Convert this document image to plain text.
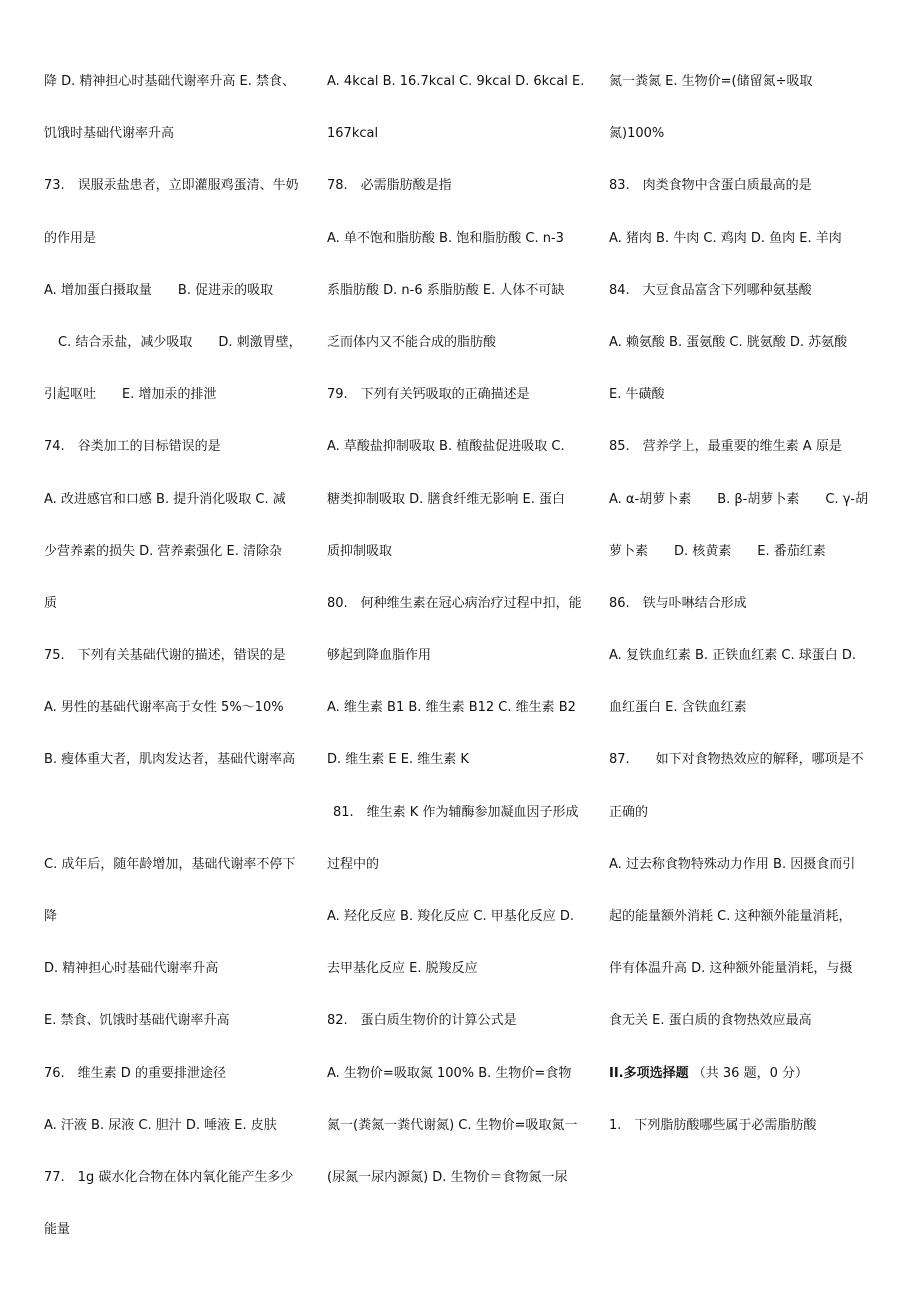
降 D. 精神担心时基础代谢率升高 E. 禁食、
饥饿时基础代谢率升高
73.　误服汞盐患者，立即灌服鸡蛋清、牛奶
的作用是
A. 增加蛋白摄取量　　B. 促进汞的吸取
C. 结合汞盐，减少吸取　　D. 刺激胃壁，
引起呕吐　　E. 增加汞的排泄
74.　谷类加工的目标错误的是
A. 改进感官和口感 B. 提升消化吸取 C. 减
少营养素的损失 D. 营养素强化 E. 清除杂
质
75.　下列有关基础代谢的描述，错误的是
A. 男性的基础代谢率高于女性 5%～10%
B. 瘦体重大者，肌肉发达者，基础代谢率高
C. 成年后，随年龄增加，基础代谢率不停下
降
D. 精神担心时基础代谢率升高
E. 禁食、饥饿时基础代谢率升高
76.　维生素 D 的重要排泄途径
A. 汗液 B. 尿液 C. 胆汁 D. 唾液 E. 皮肤
77.　1g 碳水化合物在体内氧化能产生多少
能量
A. 4kcal B. 16.7kcal C. 9kcal D. 6kcal E.
167kcal
78.　必需脂肪酸是指
A. 单不饱和脂肪酸 B. 饱和脂肪酸 C. n-3
系脂肪酸 D. n-6 系脂肪酸 E. 人体不可缺
乏而体内又不能合成的脂肪酸
79.　下列有关钙吸取的正确描述是
A. 草酸盐抑制吸取 B. 植酸盐促进吸取 C.
糖类抑制吸取 D. 膳食纤维无影响 E. 蛋白
质抑制吸取
80.　何种维生素在冠心病治疗过程中扣，能
够起到降血脂作用
A. 维生素 B1 B. 维生素 B12 C. 维生素 B2
D. 维生素 E E. 维生素 K
81.　维生素 K 作为辅酶参加凝血因子形成
过程中的
A. 羟化反应 B. 羧化反应 C. 甲基化反应 D.
去甲基化反应 E. 脱羧反应
82.　蛋白质生物价的计算公式是
A. 生物价=吸取氮 100% B. 生物价=食物
氮一(粪氮一粪代谢氮) C. 生物价=吸取氮一
(尿氮一尿内源氮) D. 生物价＝食物氮一尿
氮一粪氮 E. 生物价=(储留氮÷吸取
氮)100%
83.　肉类食物中含蛋白质最高的是
A. 猪肉 B. 牛肉 C. 鸡肉 D. 鱼肉 E. 羊肉
84.　大豆食品富含下列哪种氨基酸
A. 赖氨酸 B. 蛋氨酸 C. 胱氨酸 D. 苏氨酸
E. 牛磺酸
85.　营养学上，最重要的维生素 A 原是
A. α-胡萝卜素　　B. β-胡萝卜素　　C. γ-胡
萝卜素　　D. 核黄素　　E. 番茄红素
86.　铁与卟啉结合形成
A. 复铁血红素 B. 正铁血红素 C. 球蛋白 D.
血红蛋白 E. 含铁血红素
87.　　如下对食物热效应的解释，哪项是不
正确的
A. 过去称食物特殊动力作用 B. 因摄食而引
起的能量额外消耗 C. 这种额外能量消耗，
伴有体温升高 D. 这种额外能量消耗，与摄
食无关 E. 蛋白质的食物热效应最高
II.多项选择题 （共 36 题，0 分）
1.　下列脂肪酸哪些属于必需脂肪酸
